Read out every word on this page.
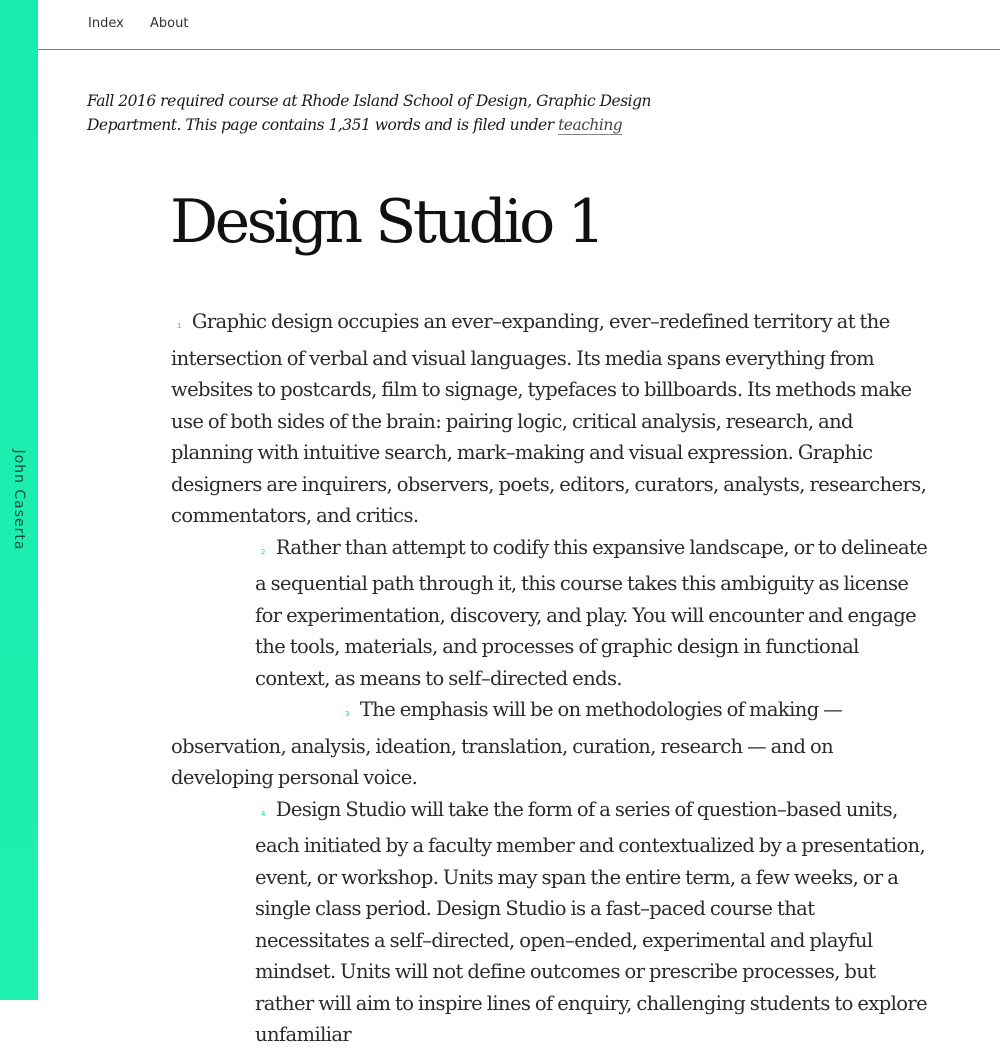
John Caserta
Index About
Fall 2016 required course at Rhode Island School of Design, Graphic Design Department. This page contains 1,351 words and is filed under teaching
Design Studio 1

1 Graphic design occupies an ever–expanding, ever–redefined territory at the intersection of verbal and visual languages. Its media spans everything from websites to postcards, film to signage, typefaces to billboards. Its methods make use of both sides of the brain: pairing logic, critical analysis, research, and planning with intuitive search, mark–making and visual expression. Graphic designers are inquirers, observers, poets, editors, curators, analysts, researchers, commentators, and critics.

2 Rather than attempt to codify this expansive landscape, or to delineate a sequential path through it, this course takes this ambiguity as license for experimentation, discovery, and play. You will encounter and engage the tools, materials, and processes of graphic design in functional context, as means to self–directed ends.

3 The emphasis will be on methodologies of making — observation, analysis, ideation, translation, curation, research — and on developing personal voice.

4 Design Studio will take the form of a series of question–based units, each initiated by a faculty member and contextualized by a presentation, event, or workshop. Units may span the entire term, a few weeks, or a single class period. Design Studio is a fast–paced course that necessitates a self–directed, open–ended, experimental and playful mindset. Units will not define outcomes or prescribe processes, but rather will aim to inspire lines of enquiry, challenging students to explore unfamiliar
